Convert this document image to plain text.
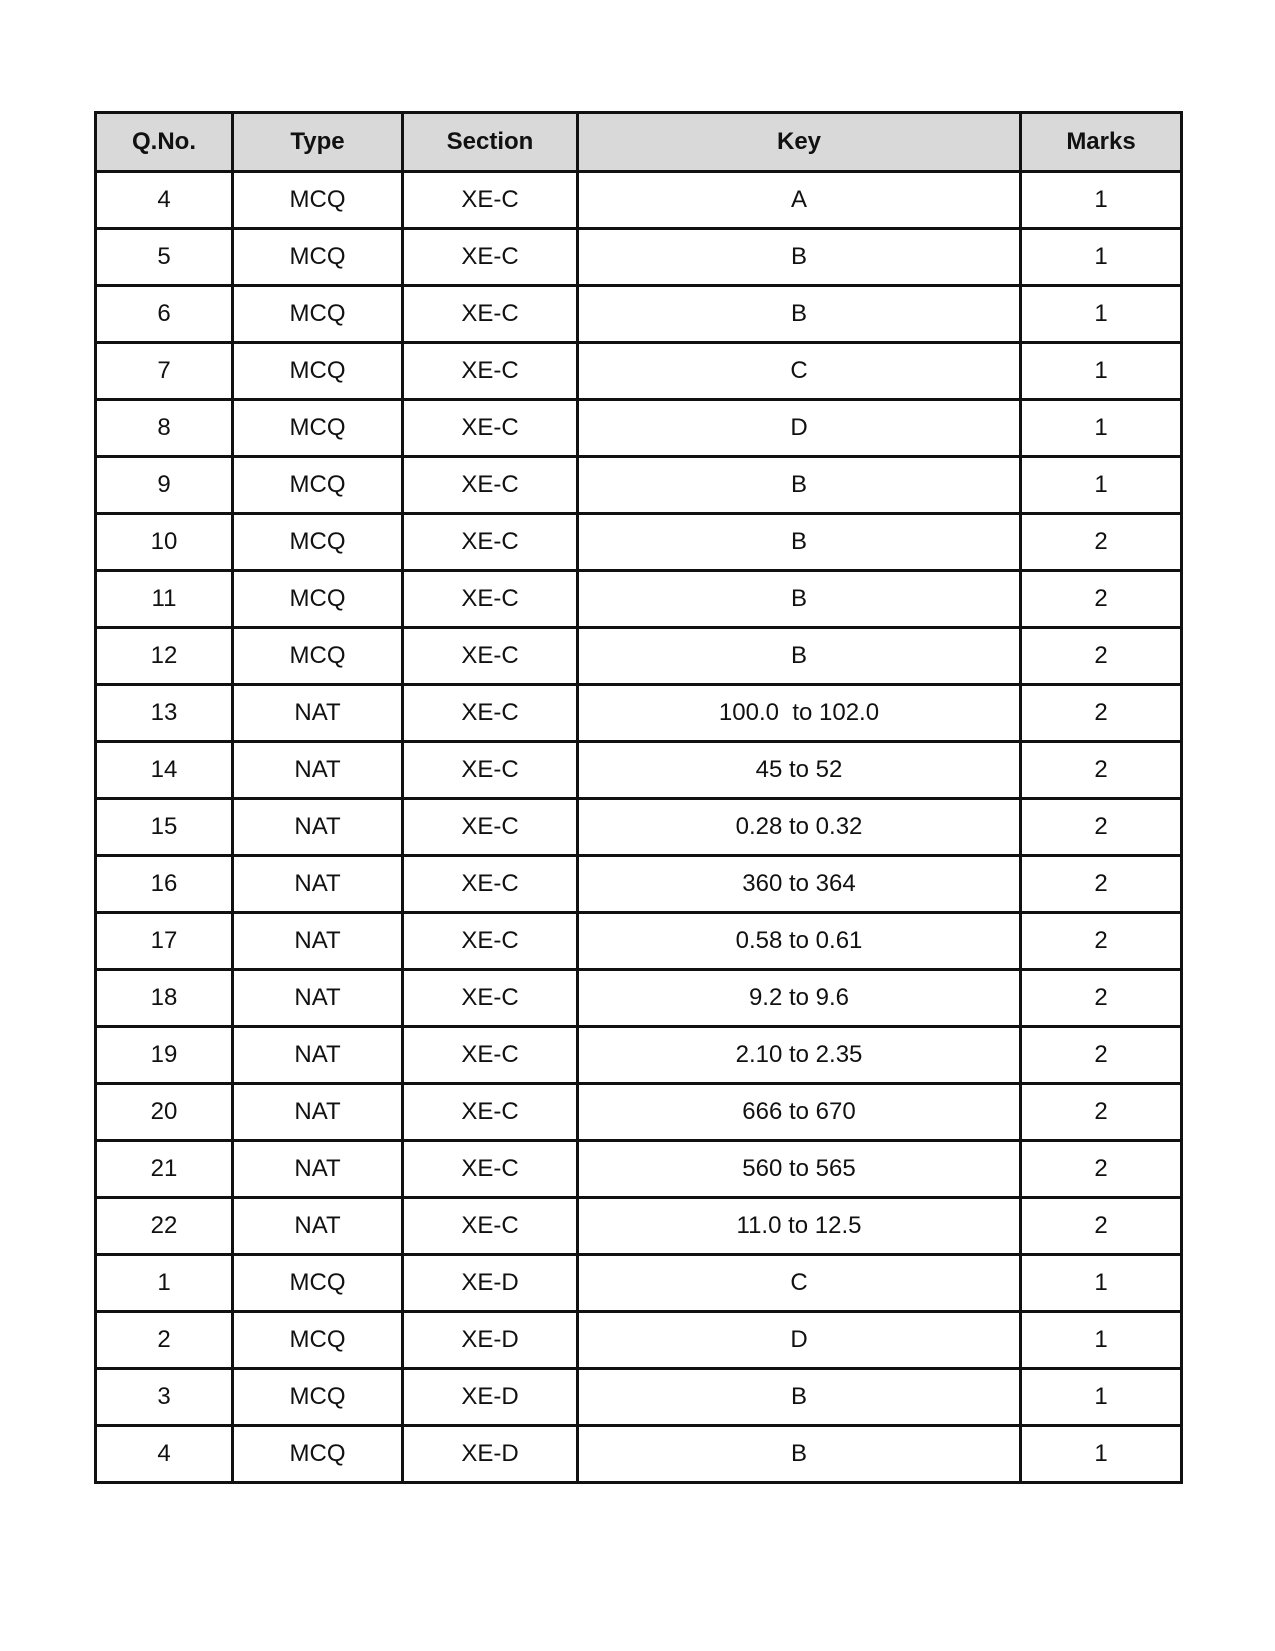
Q.No.	Type	Section	Key	Marks
4	MCQ	XE-C	A	1
5	MCQ	XE-C	B	1
6	MCQ	XE-C	B	1
7	MCQ	XE-C	C	1
8	MCQ	XE-C	D	1
9	MCQ	XE-C	B	1
10	MCQ	XE-C	B	2
11	MCQ	XE-C	B	2
12	MCQ	XE-C	B	2
13	NAT	XE-C	100.0  to 102.0	2
14	NAT	XE-C	45 to 52	2
15	NAT	XE-C	0.28 to 0.32	2
16	NAT	XE-C	360 to 364	2
17	NAT	XE-C	0.58 to 0.61	2
18	NAT	XE-C	9.2 to 9.6	2
19	NAT	XE-C	2.10 to 2.35	2
20	NAT	XE-C	666 to 670	2
21	NAT	XE-C	560 to 565	2
22	NAT	XE-C	11.0 to 12.5	2
1	MCQ	XE-D	C	1
2	MCQ	XE-D	D	1
3	MCQ	XE-D	B	1
4	MCQ	XE-D	B	1
